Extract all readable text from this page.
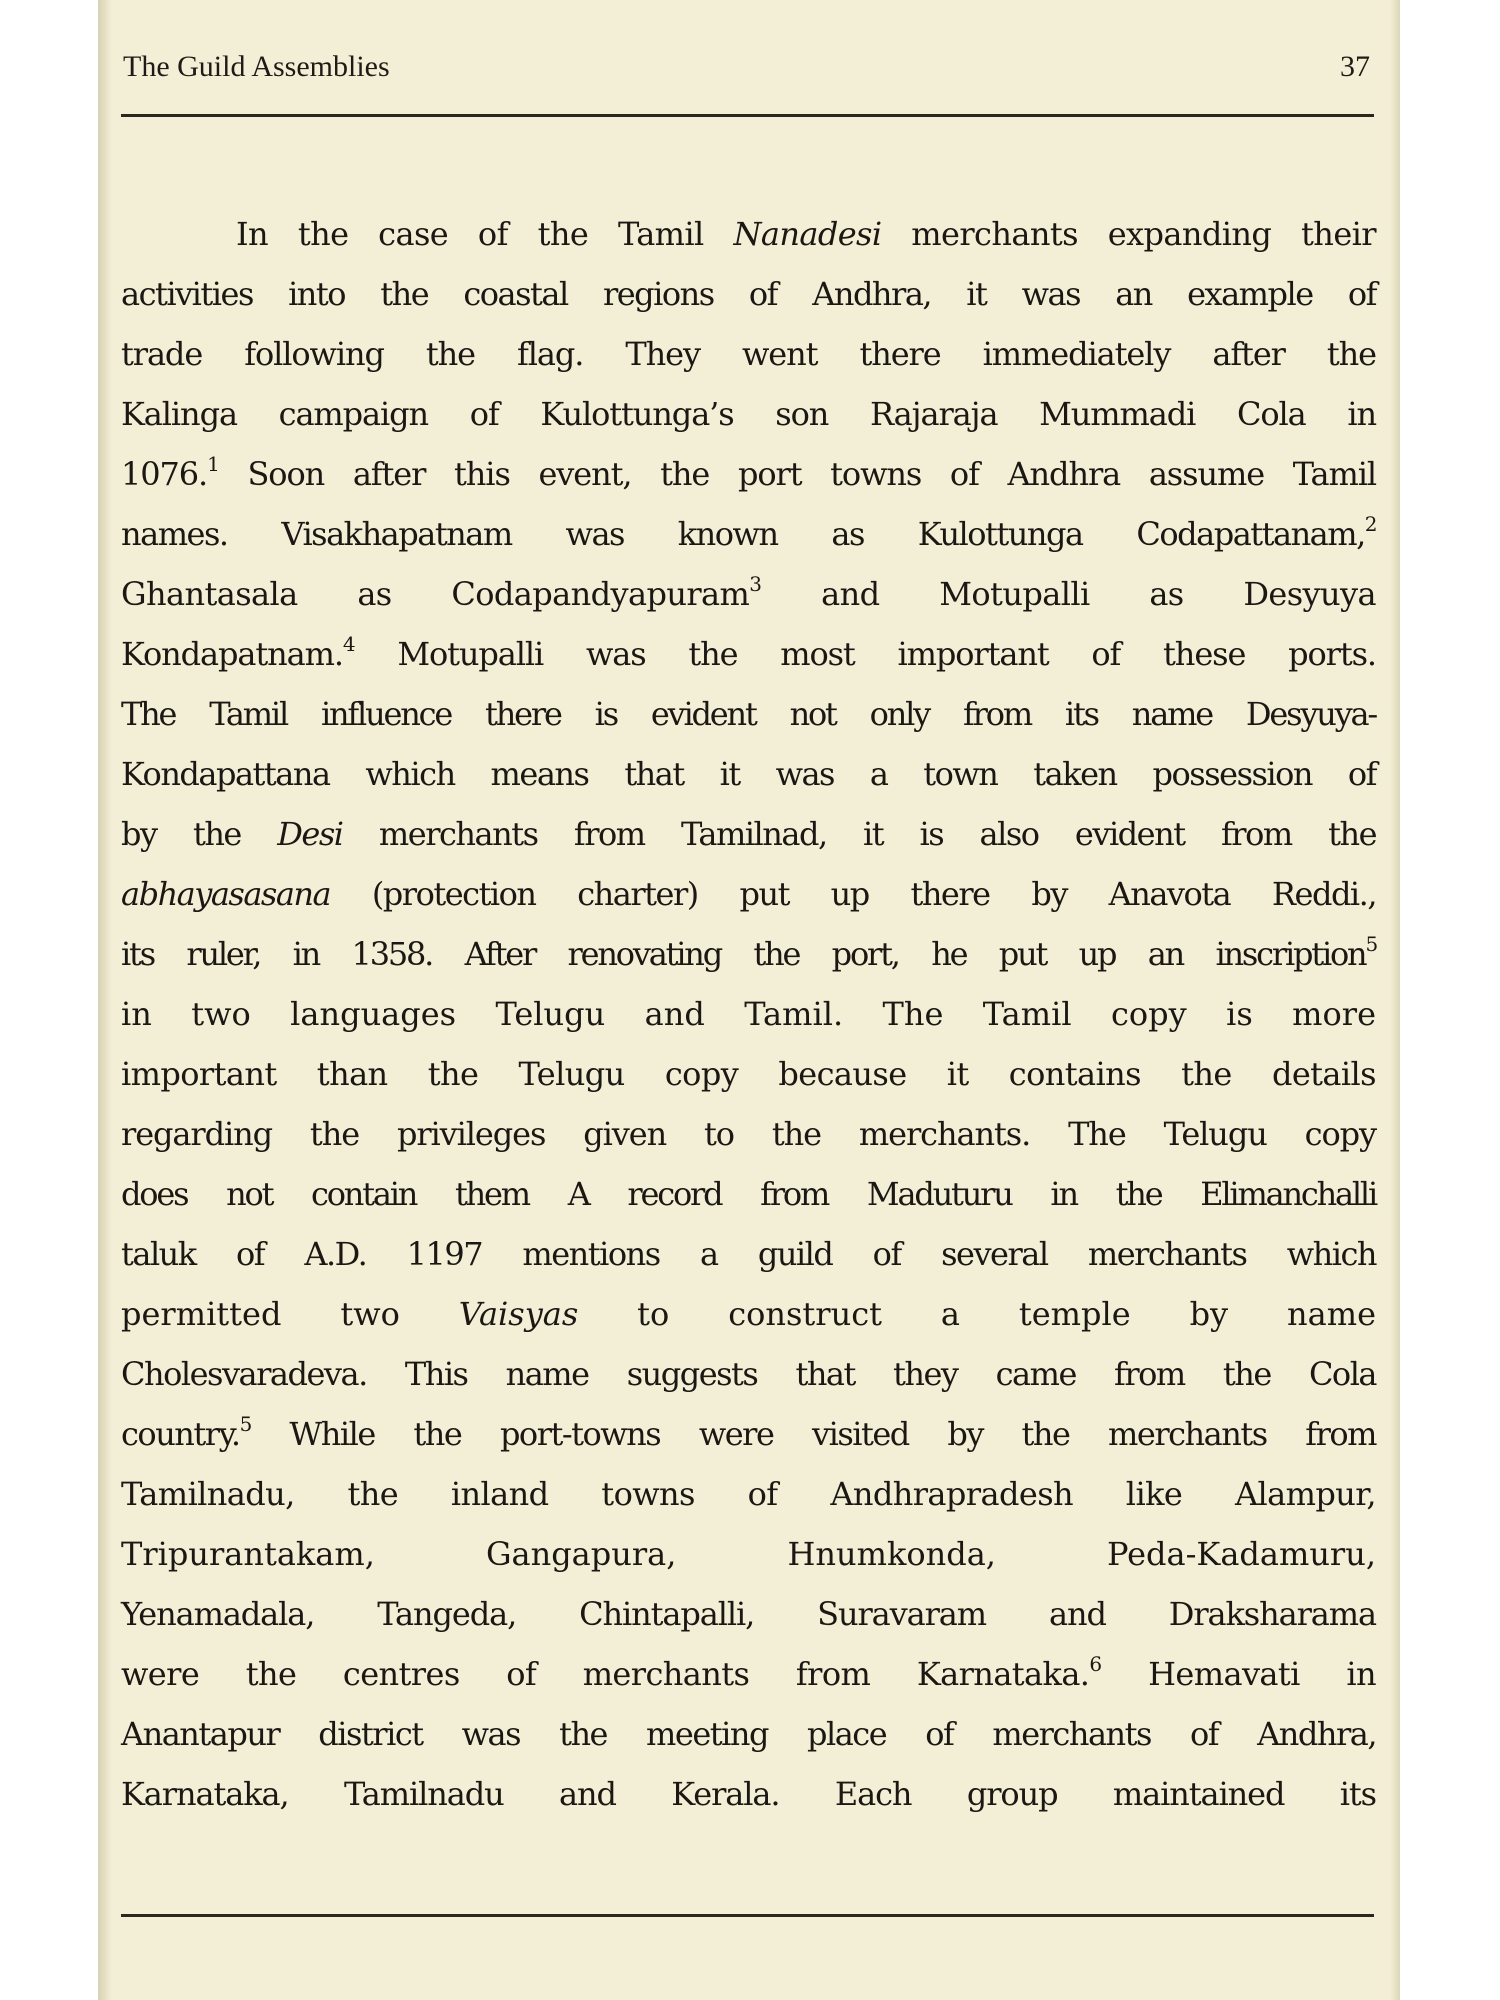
The Guild Assemblies	37
In the case of the Tamil Nanadesi merchants expanding their
activities into the coastal regions of Andhra, it was an example of
trade following the flag. They went there immediately after the
Kalinga campaign of Kulottunga’s son Rajaraja Mummadi Cola in
1076.$^1$ Soon after this event, the port towns of Andhra assume Tamil
names. Visakhapatnam was known as Kulottunga Codapattanam,$^2$
Ghantasala as Codapandyapuram$^3$ and Motupalli as Desyuya
Kondapatnam.$^4$ Motupalli was the most important of these ports.
The Tamil influence there is evident not only from its name Desyuya-
Kondapattana which means that it was a town taken possession of
by the Desi merchants from Tamilnad, it is also evident from the
abhayasasana (protection charter) put up there by Anavota Reddi.,
its ruler, in 1358. After renovating the port, he put up an inscription$^5$
in two languages Telugu and Tamil. The Tamil copy is more
important than the Telugu copy because it contains the details
regarding the privileges given to the merchants. The Telugu copy
does not contain them A record from Maduturu in the Elimanchalli
taluk of A.D. 1197 mentions a guild of several merchants which
permitted two Vaisyas to construct a temple by name
Cholesvaradeva. This name suggests that they came from the Cola
country.$^5$ While the port-towns were visited by the merchants from
Tamilnadu, the inland towns of Andhrapradesh like Alampur,
Tripurantakam, Gangapura, Hnumkonda, Peda-Kadamuru,
Yenamadala, Tangeda, Chintapalli, Suravaram and Draksharama
were the centres of merchants from Karnataka.$^6$ Hemavati in
Anantapur district was the meeting place of merchants of Andhra,
Karnataka, Tamilnadu and Kerala. Each group maintained its
